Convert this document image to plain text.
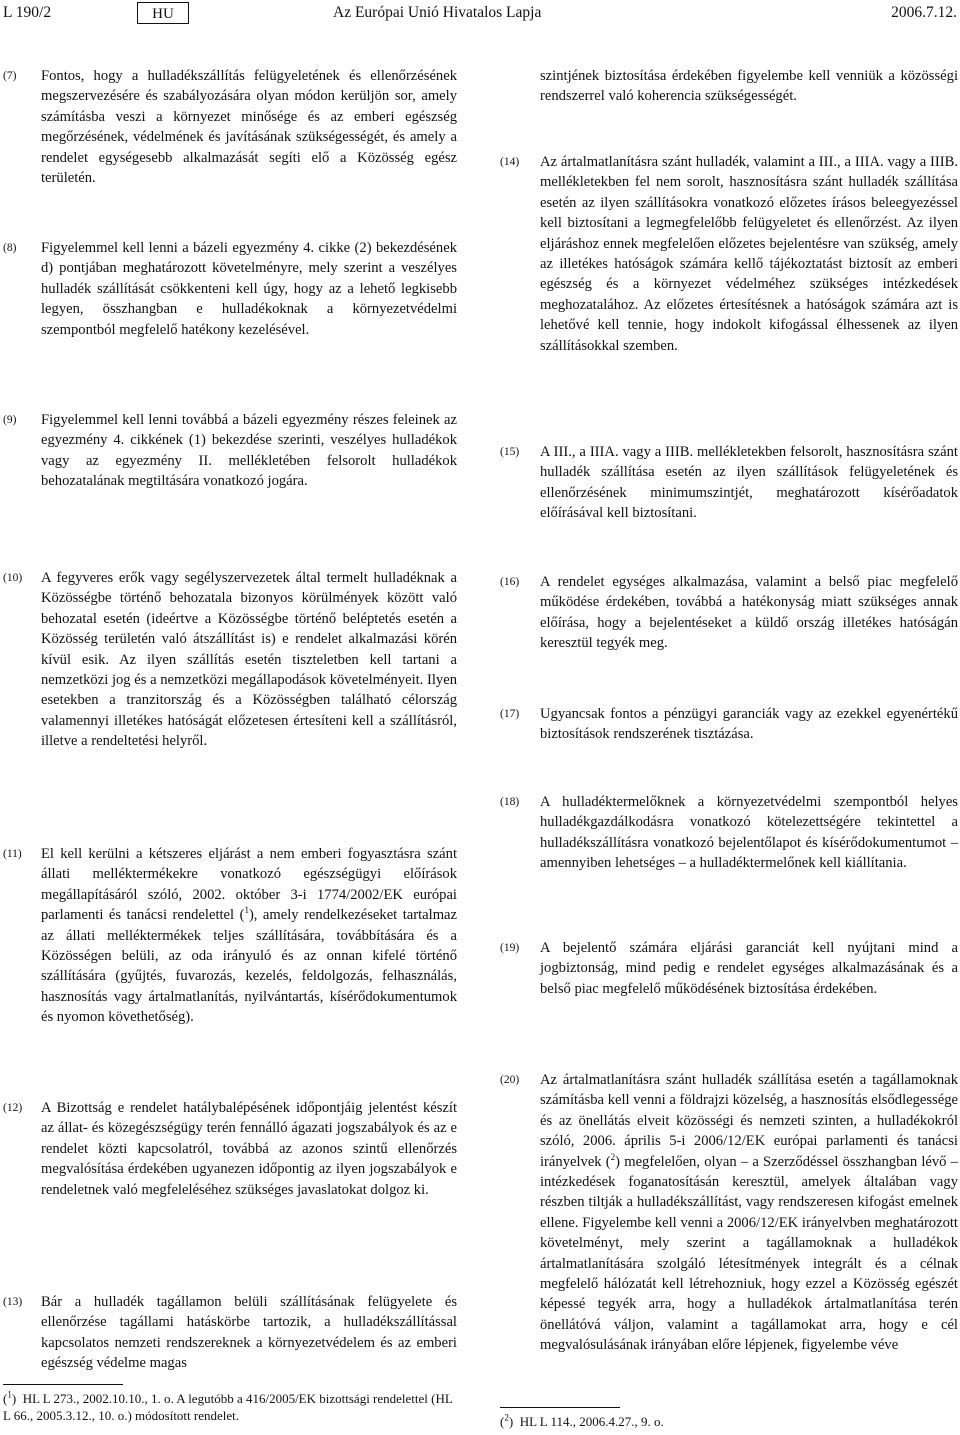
L 190/2	HU	Az Európai Unió Hivatalos Lapja	2006.7.12.
(7) Fontos, hogy a hulladékszállítás felügyeletének és ellenőrzésének megszervezésére és szabályozására olyan módon kerüljön sor, amely számításba veszi a környezet minősége és az emberi egészség megőrzésének, védelmének és javításának szükségességét, és amely a rendelet egységesebb alkalmazását segíti elő a Közösség egész területén.
(8) Figyelemmel kell lenni a bázeli egyezmény 4. cikke (2) bekezdésének d) pontjában meghatározott követelményre, mely szerint a veszélyes hulladék szállítását csökkenteni kell úgy, hogy az a lehető legkisebb legyen, összhangban e hulladékoknak a környezetvédelmi szempontból megfelelő hatékony kezelésével.
(9) Figyelemmel kell lenni továbbá a bázeli egyezmény részes feleinek az egyezmény 4. cikkének (1) bekezdése szerinti, veszélyes hulladékok vagy az egyezmény II. mellékletében felsorolt hulladékok behozatalának megtiltására vonatkozó jogára.
szintjének biztosítása érdekében figyelembe kell venniük a közösségi rendszerrel való koherencia szükségességét.
(14) Az ártalmatlanításra szánt hulladék, valamint a III., a IIIA. vagy a IIIB. mellékletekben fel nem sorolt, hasznosításra szánt hulladék szállítása esetén az ilyen szállításokra vonatkozó előzetes írásos beleegyezéssel kell biztosítani a legmegfelelőbb felügyeletet és ellenőrzést. Az ilyen eljáráshoz ennek megfelelően előzetes bejelentésre van szükség, amely az illetékes hatóságok számára kellő tájékoztatást biztosít az emberi egészség és a környezet védelméhez szükséges intézkedések meghozatalához. Az előzetes értesítésnek a hatóságok számára azt is lehetővé kell tennie, hogy indokolt kifogással élhessenek az ilyen szállításokkal szemben.
(15) A III., a IIIA. vagy a IIIB. mellékletekben felsorolt, hasznosításra szánt hulladék szállítása esetén az ilyen szállítások felügyeletének és ellenőrzésének minimumszintjét, meghatározott kísérőadatok előírásával kell biztosítani.
(10) A fegyveres erők vagy segélyszervezetek által termelt hulladéknak a Közösségbe történő behozatala bizonyos körülmények között való behozatal esetén (ideértve a Közösségbe történő beléptetés esetén a Közösség területén való átszállítást is) e rendelet alkalmazási körén kívül esik. Az ilyen szállítás esetén tiszteletben kell tartani a nemzetközi jog és a nemzetközi megállapodások követelményeit. Ilyen esetekben a tranzitország és a Közösségben található célország valamennyi illetékes hatóságát előzetesen értesíteni kell a szállításról, illetve a rendeltetési helyről.
(11) El kell kerülni a kétszeres eljárást a nem emberi fogyasztásra szánt állati melléktermékekre vonatkozó egészségügyi előírások megállapításáról szóló, 2002. október 3-i 1774/2002/EK európai parlamenti és tanácsi rendelettel ($^1$), amely rendelkezéseket tartalmaz az állati melléktermékek teljes szállítására, továbbítására és a Közösségen belüli, az oda irányuló és az onnan kifelé történő szállítására (gyűjtés, fuvarozás, kezelés, feldolgozás, felhasználás, hasznosítás vagy ártalmatlanítás, nyilvántartás, kísérődokumentumok és nyomon követhetőség).
(12) A Bizottság e rendelet hatálybalépésének időpontjáig jelentést készít az állat- és közegészségügy terén fennálló ágazati jogszabályok és az e rendelet közti kapcsolatról, továbbá az azonos szintű ellenőrzés megvalósítása érdekében ugyanezen időpontig az ilyen jogszabályok e rendeletnek való megfeleléséhez szükséges javaslatokat dolgoz ki.
(13) Bár a hulladék tagállamon belüli szállításának felügyelete és ellenőrzése tagállami hatáskörbe tartozik, a hulladékszállítással kapcsolatos nemzeti rendszereknek a környezetvédelem és az emberi egészség védelme magas
(16) A rendelet egységes alkalmazása, valamint a belső piac megfelelő működése érdekében, továbbá a hatékonyság miatt szükséges annak előírása, hogy a bejelentéseket a küldő ország illetékes hatóságán keresztül tegyék meg.
(17) Ugyancsak fontos a pénzügyi garanciák vagy az ezekkel egyenértékű biztosítások rendszerének tisztázása.
(18) A hulladéktermelőknek a környezetvédelmi szempontból helyes hulladékgazdálkodásra vonatkozó kötelezettségére tekintettel a hulladékszállításra vonatkozó bejelentőlapot és kísérődokumentumot – amennyiben lehetséges – a hulladéktermelőnek kell kiállítania.
(19) A bejelentő számára eljárási garanciát kell nyújtani mind a jogbiztonság, mind pedig e rendelet egységes alkalmazásának és a belső piac megfelelő működésének biztosítása érdekében.
(20) Az ártalmatlanításra szánt hulladék szállítása esetén a tagállamoknak számításba kell venni a földrajzi közelség, a hasznosítás elsődlegessége és az önellátás elveit közösségi és nemzeti szinten, a hulladékokról szóló, 2006. április 5-i 2006/12/EK európai parlamenti és tanácsi irányelvek ($^2$) megfelelően, olyan – a Szerződéssel összhangban lévő – intézkedések foganatosításán keresztül, amelyek általában vagy részben tiltják a hulladékszállítást, vagy rendszeresen kifogást emelnek ellene. Figyelembe kell venni a 2006/12/EK irányelvben meghatározott követelményt, mely szerint a tagállamoknak a hulladékok ártalmatlanítására szolgáló létesítmények integrált és a célnak megfelelő hálózatát kell létrehozniuk, hogy ezzel a Közösség egészét képessé tegyék arra, hogy a hulladékok ártalmatlanítása terén önellátóvá váljon, valamint a tagállamokat arra, hogy e cél megvalósulásának irányában előre lépjenek, figyelembe véve
($^1$)  HL L 273., 2002.10.10., 1. o. A legutóbb a 416/2005/EK bizottsági rendelettel (HL L 66., 2005.3.12., 10. o.) módosított rendelet.	($^2$)  HL L 114., 2006.4.27., 9. o.
